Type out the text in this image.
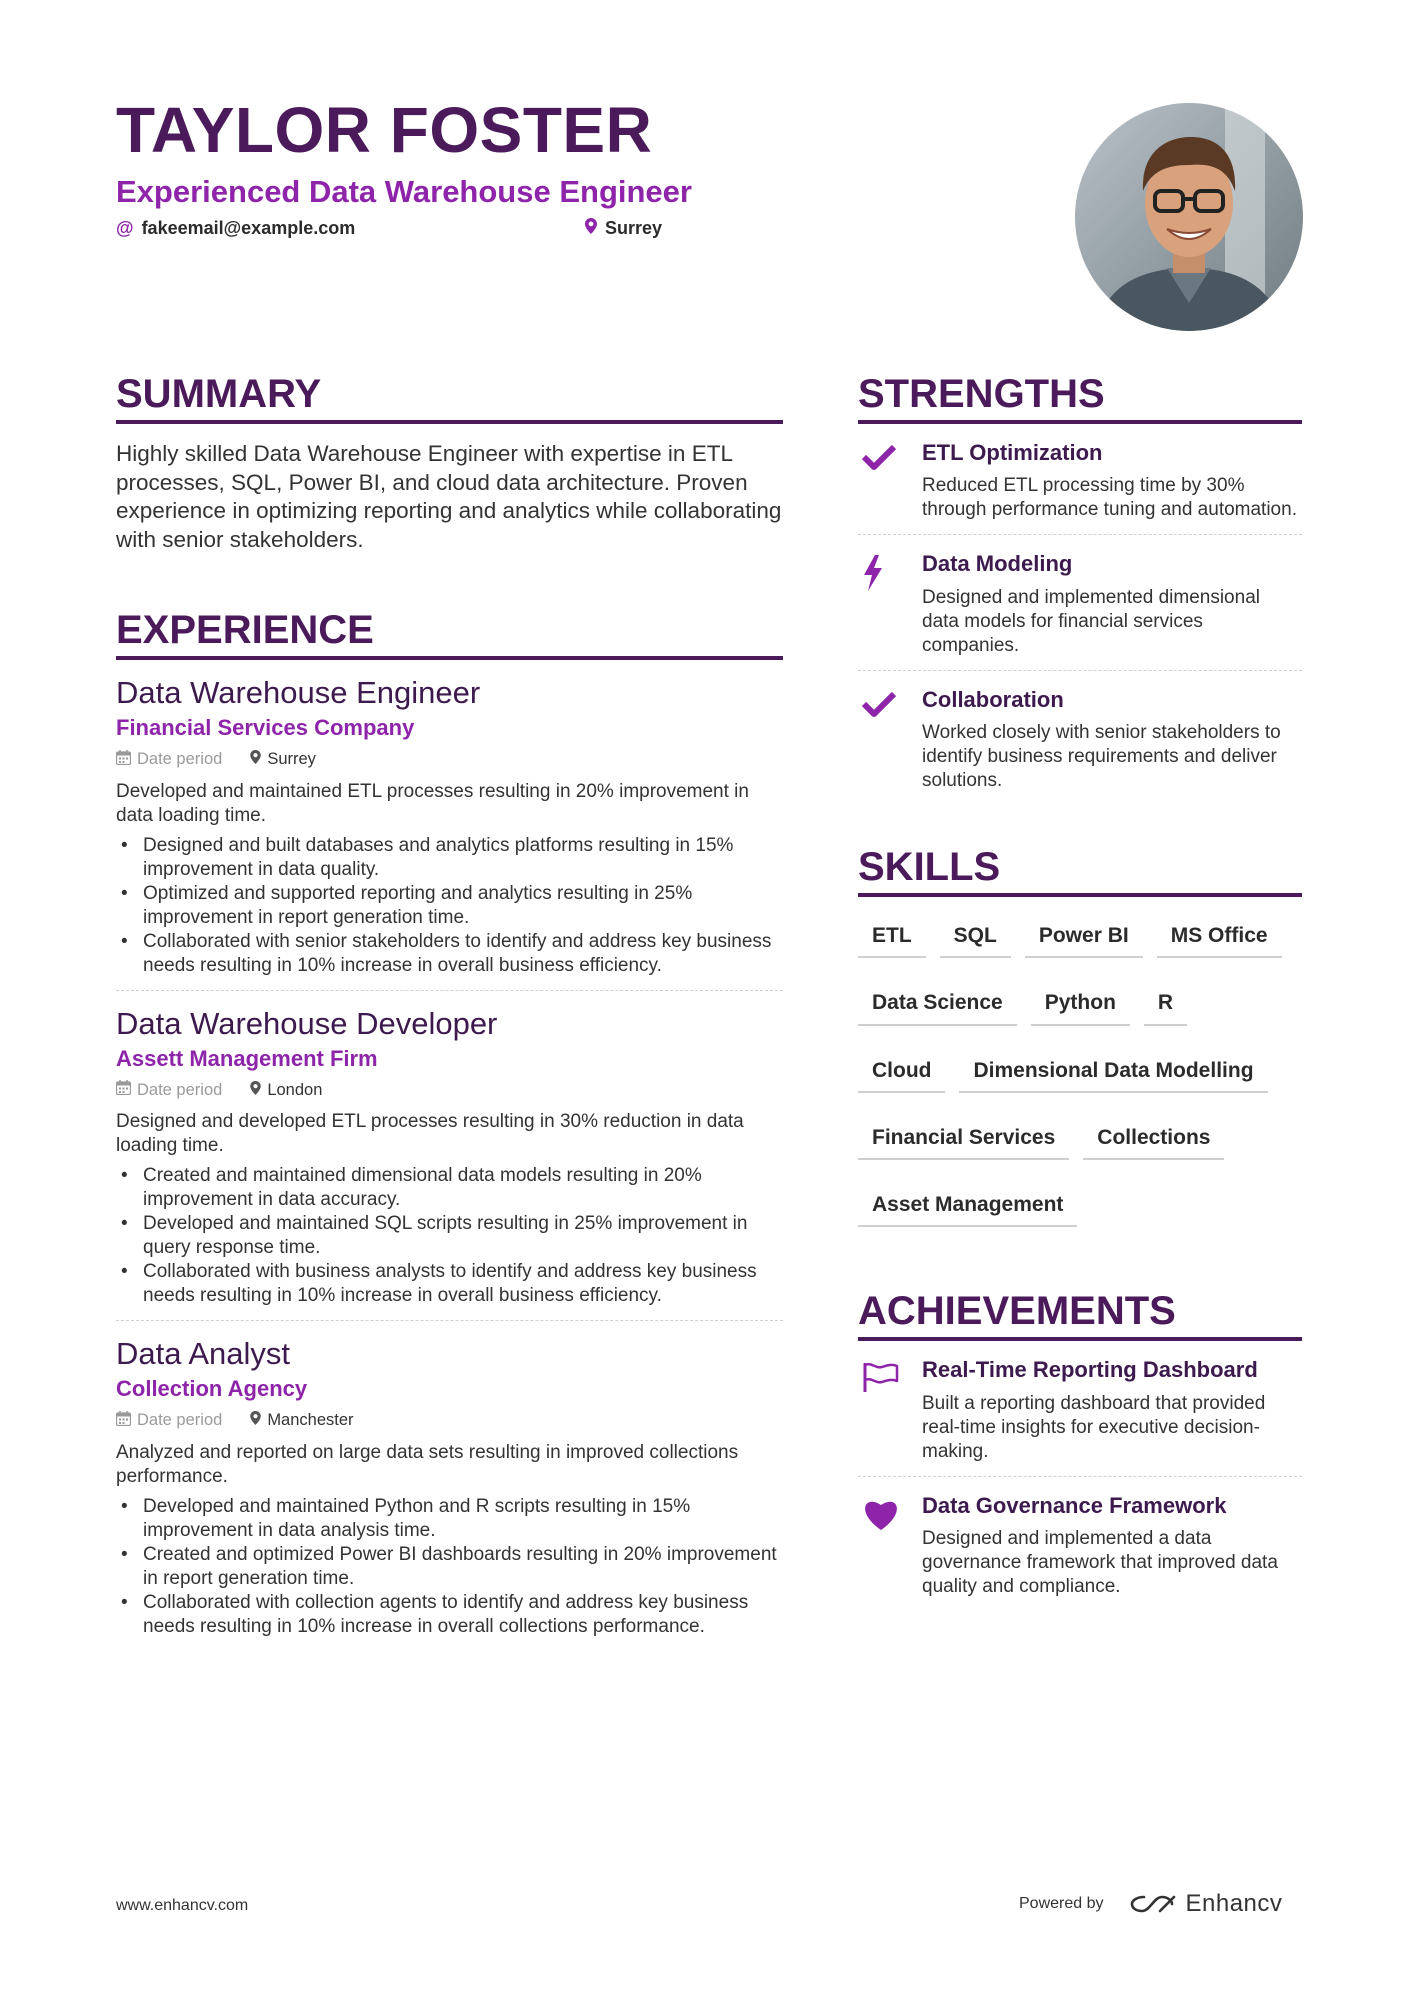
TAYLOR FOSTER
Experienced Data Warehouse Engineer
@ fakeemail@example.com	Surrey
SUMMARY

Highly skilled Data Warehouse Engineer with expertise in ETL processes, SQL, Power BI, and cloud data architecture. Proven experience in optimizing reporting and analytics while collaborating with senior stakeholders.

EXPERIENCE
Data Warehouse Engineer

Financial Services Company

Date period	Surrey

Developed and maintained ETL processes resulting in 20% improvement in data loading time.

• Designed and built databases and analytics platforms resulting in 15% improvement in data quality.
• Optimized and supported reporting and analytics resulting in 25% improvement in report generation time.
• Collaborated with senior stakeholders to identify and address key business needs resulting in 10% increase in overall business efficiency.
Data Warehouse Developer

Assett Management Firm

Date period	London

Designed and developed ETL processes resulting in 30% reduction in data loading time.

• Created and maintained dimensional data models resulting in 20% improvement in data accuracy.
• Developed and maintained SQL scripts resulting in 25% improvement in query response time.
• Collaborated with business analysts to identify and address key business needs resulting in 10% increase in overall business efficiency.
Data Analyst

Collection Agency

Date period	Manchester

Analyzed and reported on large data sets resulting in improved collections performance.

• Developed and maintained Python and R scripts resulting in 15% improvement in data analysis time.
• Created and optimized Power BI dashboards resulting in 20% improvement in report generation time.
• Collaborated with collection agents to identify and address key business needs resulting in 10% increase in overall collections performance.
STRENGTHS

ETL Optimization

Reduced ETL processing time by 30% through performance tuning and automation.

Data Modeling

Designed and implemented dimensional data models for financial services companies.

Collaboration

Worked closely with senior stakeholders to identify business requirements and deliver solutions.

SKILLS
ETL	SQL	Power BI	MS Office
Data Science	Python	R
Cloud	Dimensional Data Modelling
Financial Services	Collections
Asset Management
ACHIEVEMENTS

Real-Time Reporting Dashboard

Built a reporting dashboard that provided real-time insights for executive decision-making.

Data Governance Framework

Designed and implemented a data governance framework that improved data quality and compliance.

www.enhancv.com	Powered by	Enhancv
